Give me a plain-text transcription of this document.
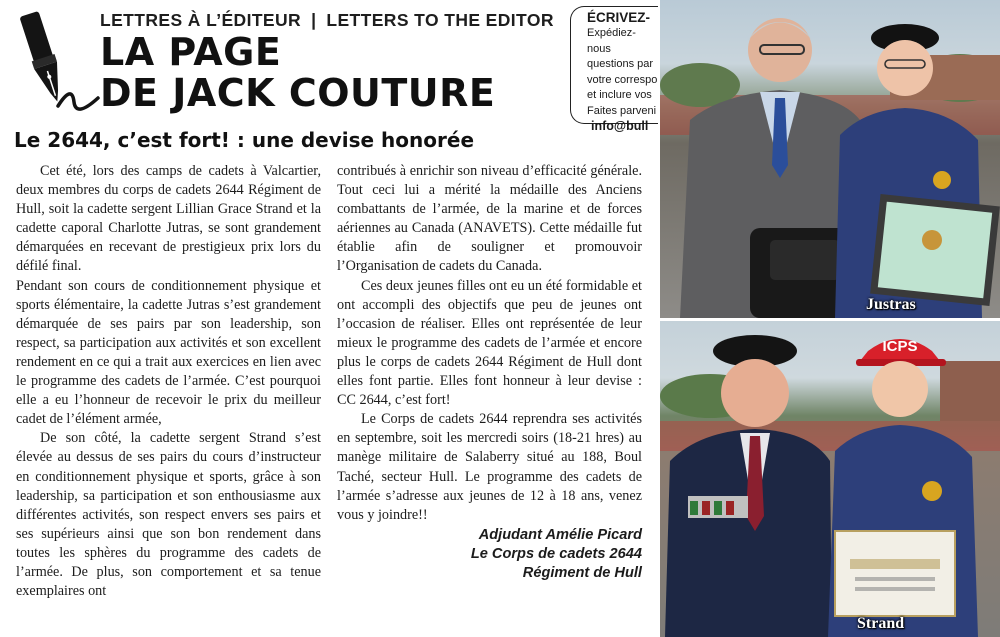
LETTRES À L’ÉDITEUR | LETTERS TO THE EDITOR
LA PAGE
DE JACK COUTURE
ÉCRIVEZ-
Expédiez-nous
questions par
votre correspo
et inclure vos
Faites parveni
info@bull
Le 2644, c’est fort! : une devise honorée

Cet été, lors des camps de cadets à Valcartier, deux membres du corps de cadets 2644 Régiment de Hull, soit la cadette sergent Lillian Grace Strand et la cadette caporal Charlotte Jutras, se sont grandement démarquées en recevant de prestigieux prix lors du défilé final.

Pendant son cours de conditionnement physique et sports élémentaire, la cadette Jutras s’est grandement démarquée de ses pairs par son leadership, son respect, sa participation aux activités et son excellent rendement en ce qui a trait aux exercices en lien avec le programme des cadets de l’armée. C’est pourquoi elle a eu l’honneur de recevoir le prix du meilleur cadet de l’élément armée,

De son côté, la cadette sergent Strand s’est élevée au dessus de ses pairs du cours d’instructeur en conditionnement physique et sports, grâce à son leadership, sa participation et son enthousiasme aux différentes activités, son respect envers ses pairs et ses supérieurs ainsi que son bon rendement dans toutes les sphères du programme des cadets de l’armée. De plus, son comportement et sa tenue exemplaires ont

contribués à enrichir son niveau d’efficacité générale. Tout ceci lui a mérité la médaille des Anciens combattants de l’armée, de la marine et de forces aériennes au Canada (ANAVETS). Cette médaille fut établie afin de souligner et promouvoir l’Organisation de cadets du Canada.

Ces deux jeunes filles ont eu un été formidable et ont accompli des objectifs que peu de jeunes ont l’occasion de réaliser. Elles ont représentée de leur mieux le programme des cadets de l’armée et encore plus le corps de cadets 2644 Régiment de Hull dont elles font partie. Elles font honneur à leur devise : CC 2644, c’est fort!

Le Corps de cadets 2644 reprendra ses activités en septembre, soit les mercredi soirs (18-21 hres) au manège militaire de Salaberry situé au 188, Boul Taché, secteur Hull. Le programme des cadets de l’armée s’adresse aux jeunes de 12 à 18 ans, venez vous y joindre!!

Adjudant Amélie Picard
Le Corps de cadets 2644
Régiment de Hull
Justras
ICPS
Strand
